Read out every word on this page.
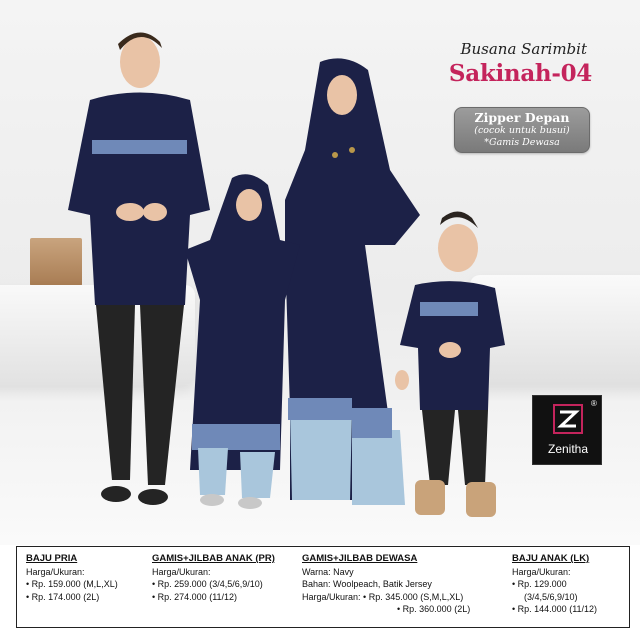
Busana Sarimbit
Sakinah-04
Zipper Depan
(cocok untuk busui)
*Gamis Dewasa
®
Zenitha
BAJU PRIA
Harga/Ukuran:
• Rp. 159.000 (M,L,XL)
• Rp. 174.000 (2L)
GAMIS+JILBAB ANAK (PR)
Harga/Ukuran:
• Rp. 259.000 (3/4,5/6,9/10)
• Rp. 274.000 (11/12)
GAMIS+JILBAB DEWASA
Warna: Navy
Bahan: Woolpeach, Batik Jersey
Harga/Ukuran: • Rp. 345.000 (S,M,L,XL)
• Rp. 360.000 (2L)
BAJU ANAK (LK)
Harga/Ukuran:
• Rp. 129.000
(3/4,5/6,9/10)
• Rp. 144.000 (11/12)
